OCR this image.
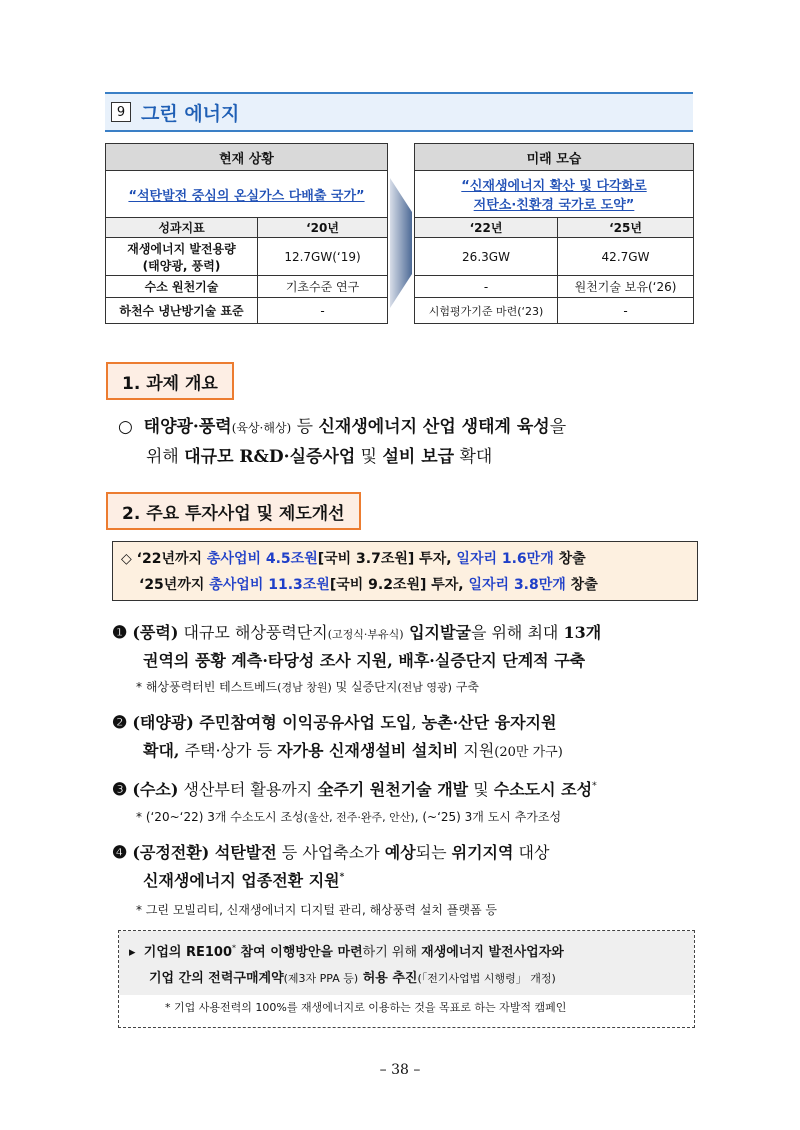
9 그린 에너지
현재 상황	
“석탄발전 중심의 온실가스 다배출 국가”	
성과지표	‘20년

재생에너지 발전용량
(태양광, 풍력)	12.7GW(‘19)
수소 원천기술	기초수준 연구
하천수 냉난방기술 표준	-
미래 모습	

“신재생에너지 확산 및 다각화로
저탄소·친환경 국가로 도약”	

‘22년	‘25년
26.3GW	42.7GW
-	원천기술 보유(‘26)
시험평가기준 마련(‘23)	-
1. 과제 개요
○ 태양광·풍력(육상·해상) 등 신재생에너지 산업 생태계 육성을
위해 대규모 R&D·실증사업 및 설비 보급 확대
2. 주요 투자사업 및 제도개선
◇ ‘22년까지 총사업비 4.5조원[국비 3.7조원] 투자, 일자리 1.6만개 창출
‘25년까지 총사업비 11.3조원[국비 9.2조원] 투자, 일자리 3.8만개 창출
❶ (풍력) 대규모 해상풍력단지(고정식·부유식) 입지발굴을 위해 최대 13개
권역의 풍황 계측·타당성 조사 지원, 배후·실증단지 단계적 구축
* 해상풍력터빈 테스트베드(경남 창원) 및 실증단지(전남 영광) 구축
❷ (태양광) 주민참여형 이익공유사업 도입, 농촌·산단 융자지원
확대, 주택·상가 등 자가용 신재생설비 설치비 지원(20만 가구)
❸ (수소) 생산부터 활용까지 全주기 원천기술 개발 및 수소도시 조성*
* (‘20~‘22) 3개 수소도시 조성(울산, 전주·완주, 안산), (~‘25) 3개 도시 추가조성
❹ (공정전환) 석탄발전 등 사업축소가 예상되는 위기지역 대상
신재생에너지 업종전환 지원*
* 그린 모빌리티, 신재생에너지 디지털 관리, 해상풍력 설치 플랫폼 등
▸ 기업의 RE100* 참여 이행방안을 마련하기 위해 재생에너지 발전사업자와
기업 간의 전력구매계약(제3자 PPA 등) 허용 추진(「전기사업법 시행령」 개정)
* 기업 사용전력의 100%를 재생에너지로 이용하는 것을 목표로 하는 자발적 캠페인
– 38 –
